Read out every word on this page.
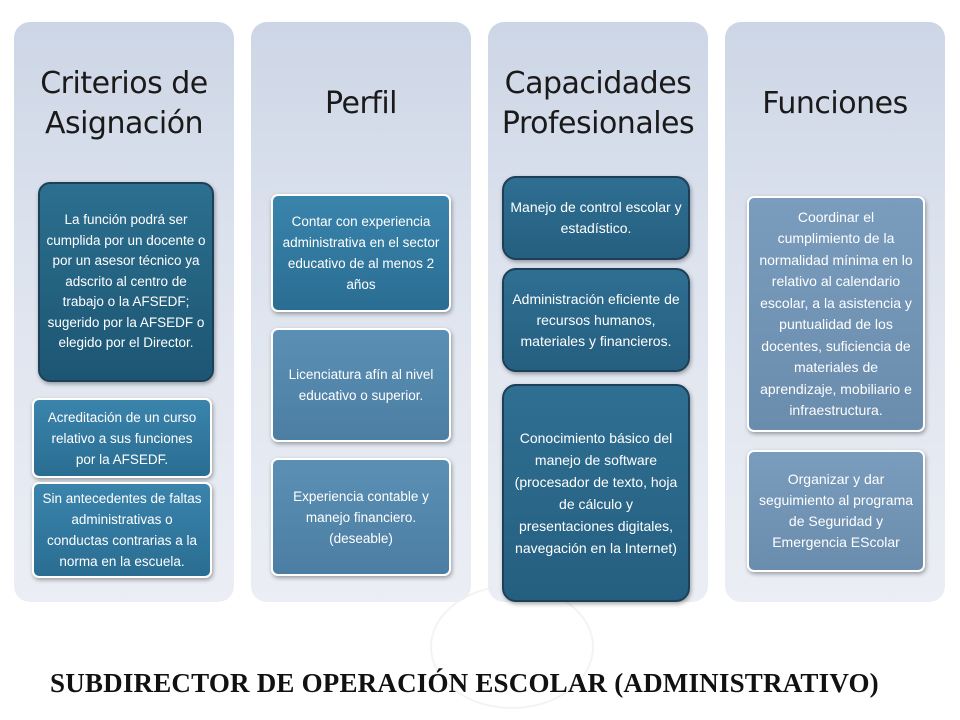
Criterios de
Asignación
La función podrá ser cumplida por un docente o por un asesor técnico ya adscrito al centro de trabajo o la AFSEDF; sugerido por la AFSEDF o elegido por el Director.
Acreditación de un curso relativo a sus funciones por la AFSEDF.
Sin antecedentes de faltas administrativas o conductas contrarias a la norma en la escuela.
Perfil
Contar con experiencia administrativa en el sector educativo de al menos 2 años
Licenciatura afín al nivel educativo o superior.
Experiencia contable y manejo financiero. (deseable)
Capacidades
Profesionales
Manejo de control escolar y estadístico.
Administración eficiente de recursos humanos, materiales y financieros.
Conocimiento básico del manejo de software (procesador de texto, hoja de cálculo y presentaciones digitales, navegación en la Internet)
Funciones
Coordinar el cumplimiento de la normalidad mínima en lo relativo al calendario escolar, a la asistencia y puntualidad de los docentes, suficiencia de materiales de aprendizaje, mobiliario e infraestructura.
Organizar y dar seguimiento al programa de Seguridad y Emergencia EScolar
SUBDIRECTOR DE OPERACIÓN ESCOLAR (ADMINISTRATIVO)
